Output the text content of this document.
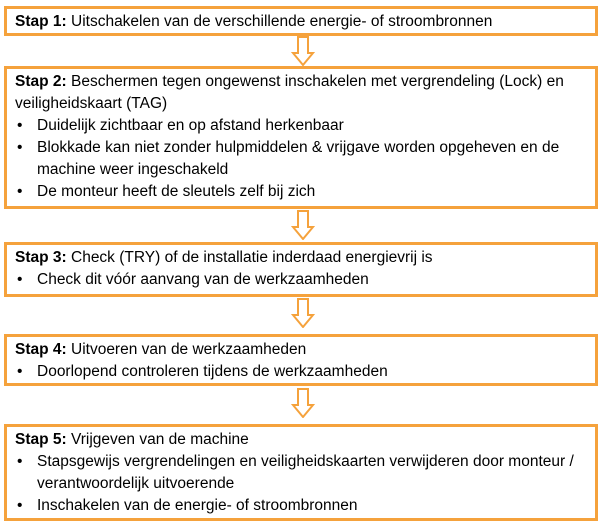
Stap 1: Uitschakelen van de verschillende energie- of stroombronnen
Stap 2: Beschermen tegen ongewenst inschakelen met vergrendeling (Lock) en veiligheidskaart (TAG)
• Duidelijk zichtbaar en op afstand herkenbaar
• Blokkade kan niet zonder hulpmiddelen & vrijgave worden opgeheven en de machine weer ingeschakeld
• De monteur heeft de sleutels zelf bij zich
Stap 3: Check (TRY) of de installatie inderdaad energievrij is
• Check dit vóór aanvang van de werkzaamheden
Stap 4: Uitvoeren van de werkzaamheden
• Doorlopend controleren tijdens de werkzaamheden
Stap 5: Vrijgeven van de machine
• Stapsgewijs vergrendelingen en veiligheidskaarten verwijderen door monteur / verantwoordelijk uitvoerende
• Inschakelen van de energie- of stroombronnen
